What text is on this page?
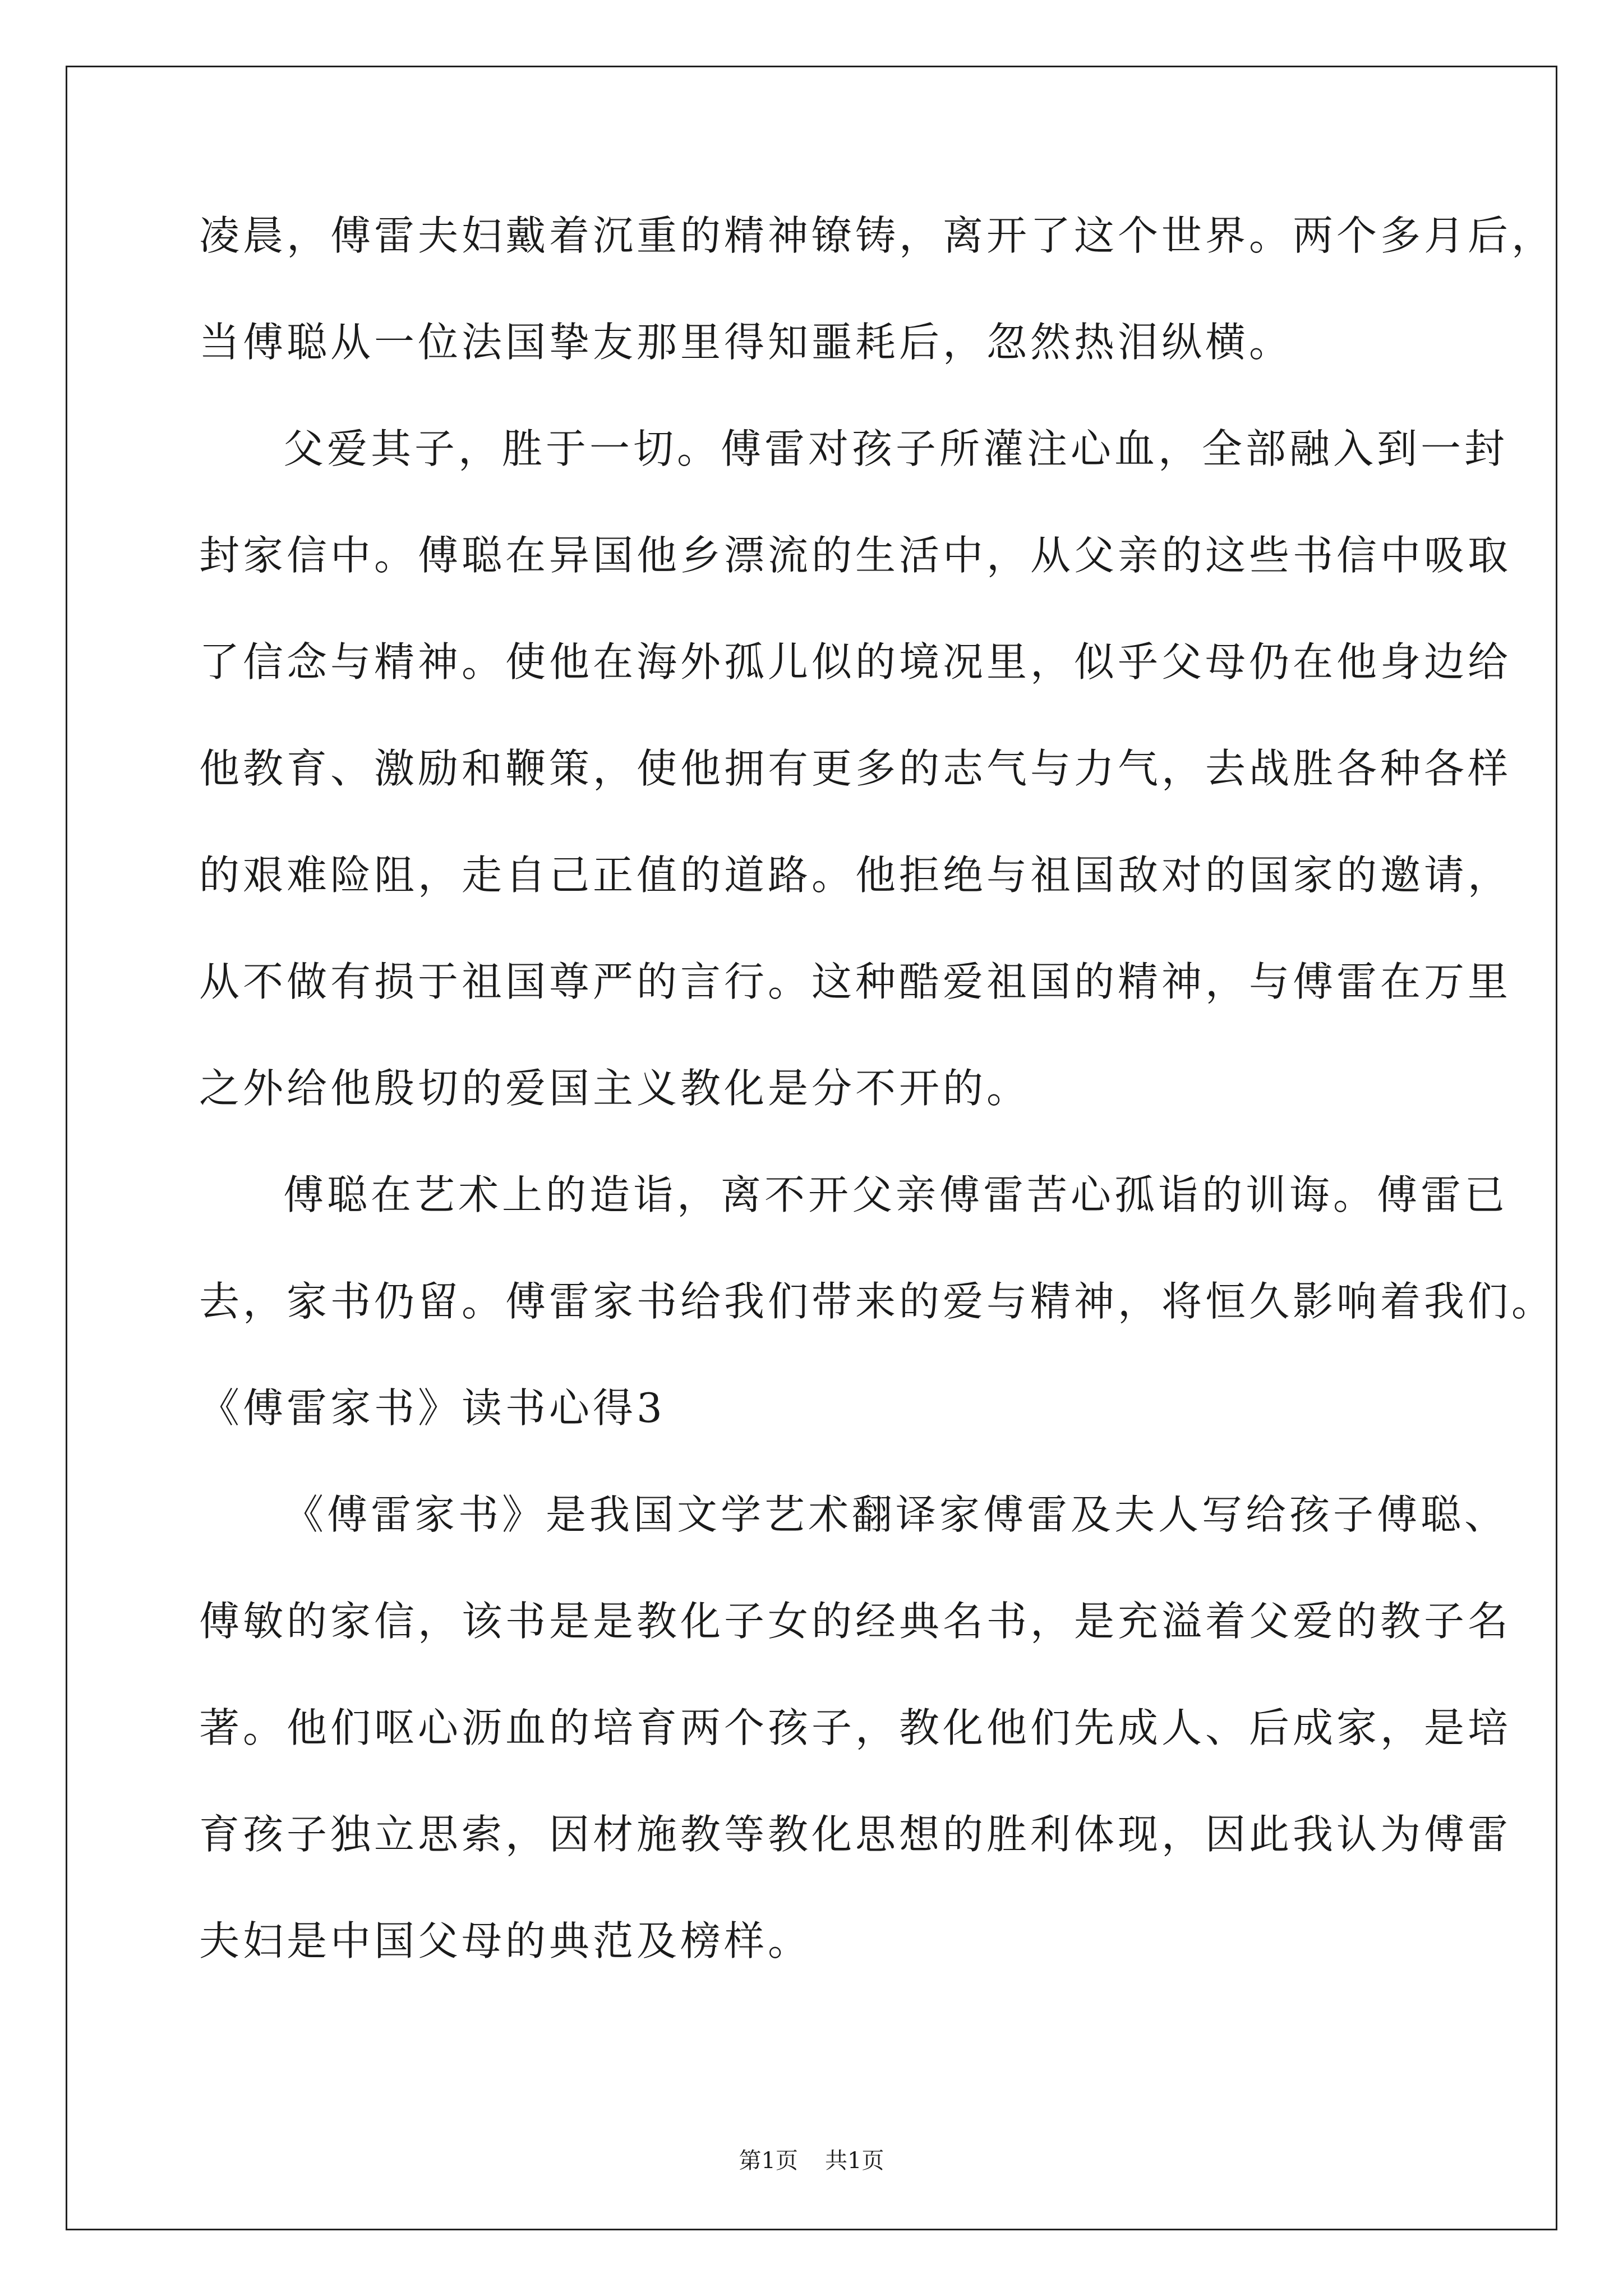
凌晨，傅雷夫妇戴着沉重的精神镣铸，离开了这个世界。两个多月后，
当傅聪从一位法国挚友那里得知噩耗后，忽然热泪纵横。
父爱其子，胜于一切。傅雷对孩子所灌注心血，全部融入到一封
封家信中。傅聪在异国他乡漂流的生活中，从父亲的这些书信中吸取
了信念与精神。使他在海外孤儿似的境况里，似乎父母仍在他身边给
他教育、激励和鞭策，使他拥有更多的志气与力气，去战胜各种各样
的艰难险阻，走自己正值的道路。他拒绝与祖国敌对的国家的邀请，
从不做有损于祖国尊严的言行。这种酷爱祖国的精神，与傅雷在万里
之外给他殷切的爱国主义教化是分不开的。
傅聪在艺术上的造诣，离不开父亲傅雷苦心孤诣的训诲。傅雷已
去，家书仍留。傅雷家书给我们带来的爱与精神，将恒久影响着我们。
《傅雷家书》读书心得3
《傅雷家书》是我国文学艺术翻译家傅雷及夫人写给孩子傅聪、
傅敏的家信，该书是是教化子女的经典名书，是充溢着父爱的教子名
著。他们呕心沥血的培育两个孩子，教化他们先成人、后成家，是培
育孩子独立思索，因材施教等教化思想的胜利体现，因此我认为傅雷
夫妇是中国父母的典范及榜样。
第1页 共1页
